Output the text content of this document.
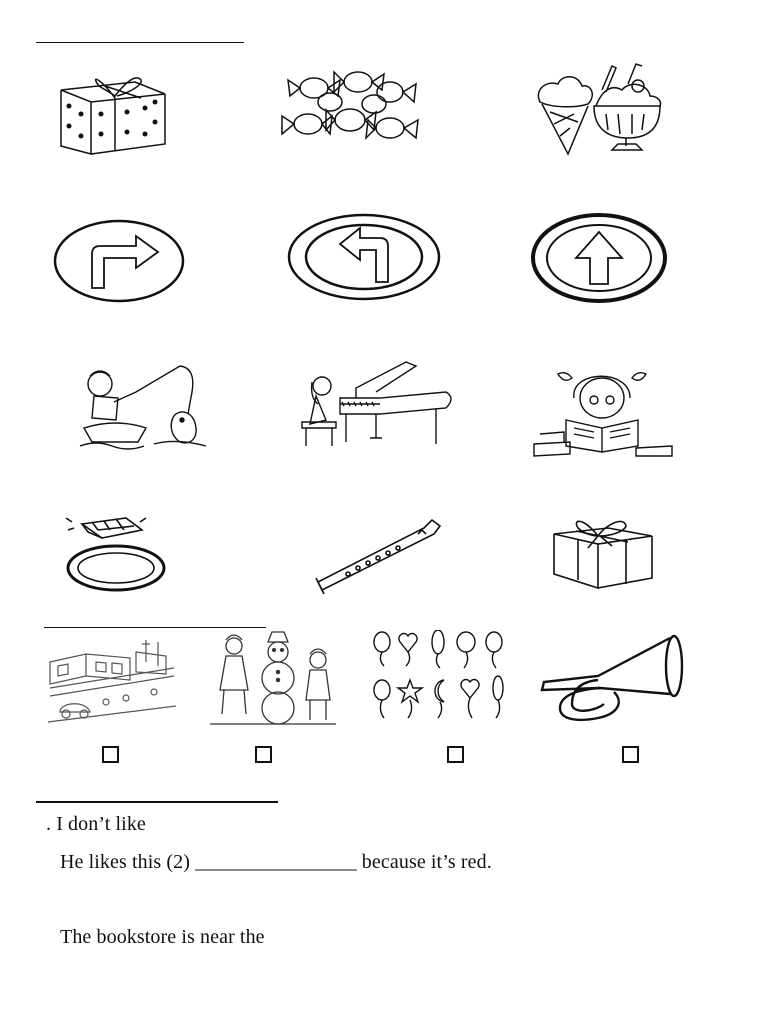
. I don’t like
He likes this (2) ________________ because it’s red.
The bookstore is near the
